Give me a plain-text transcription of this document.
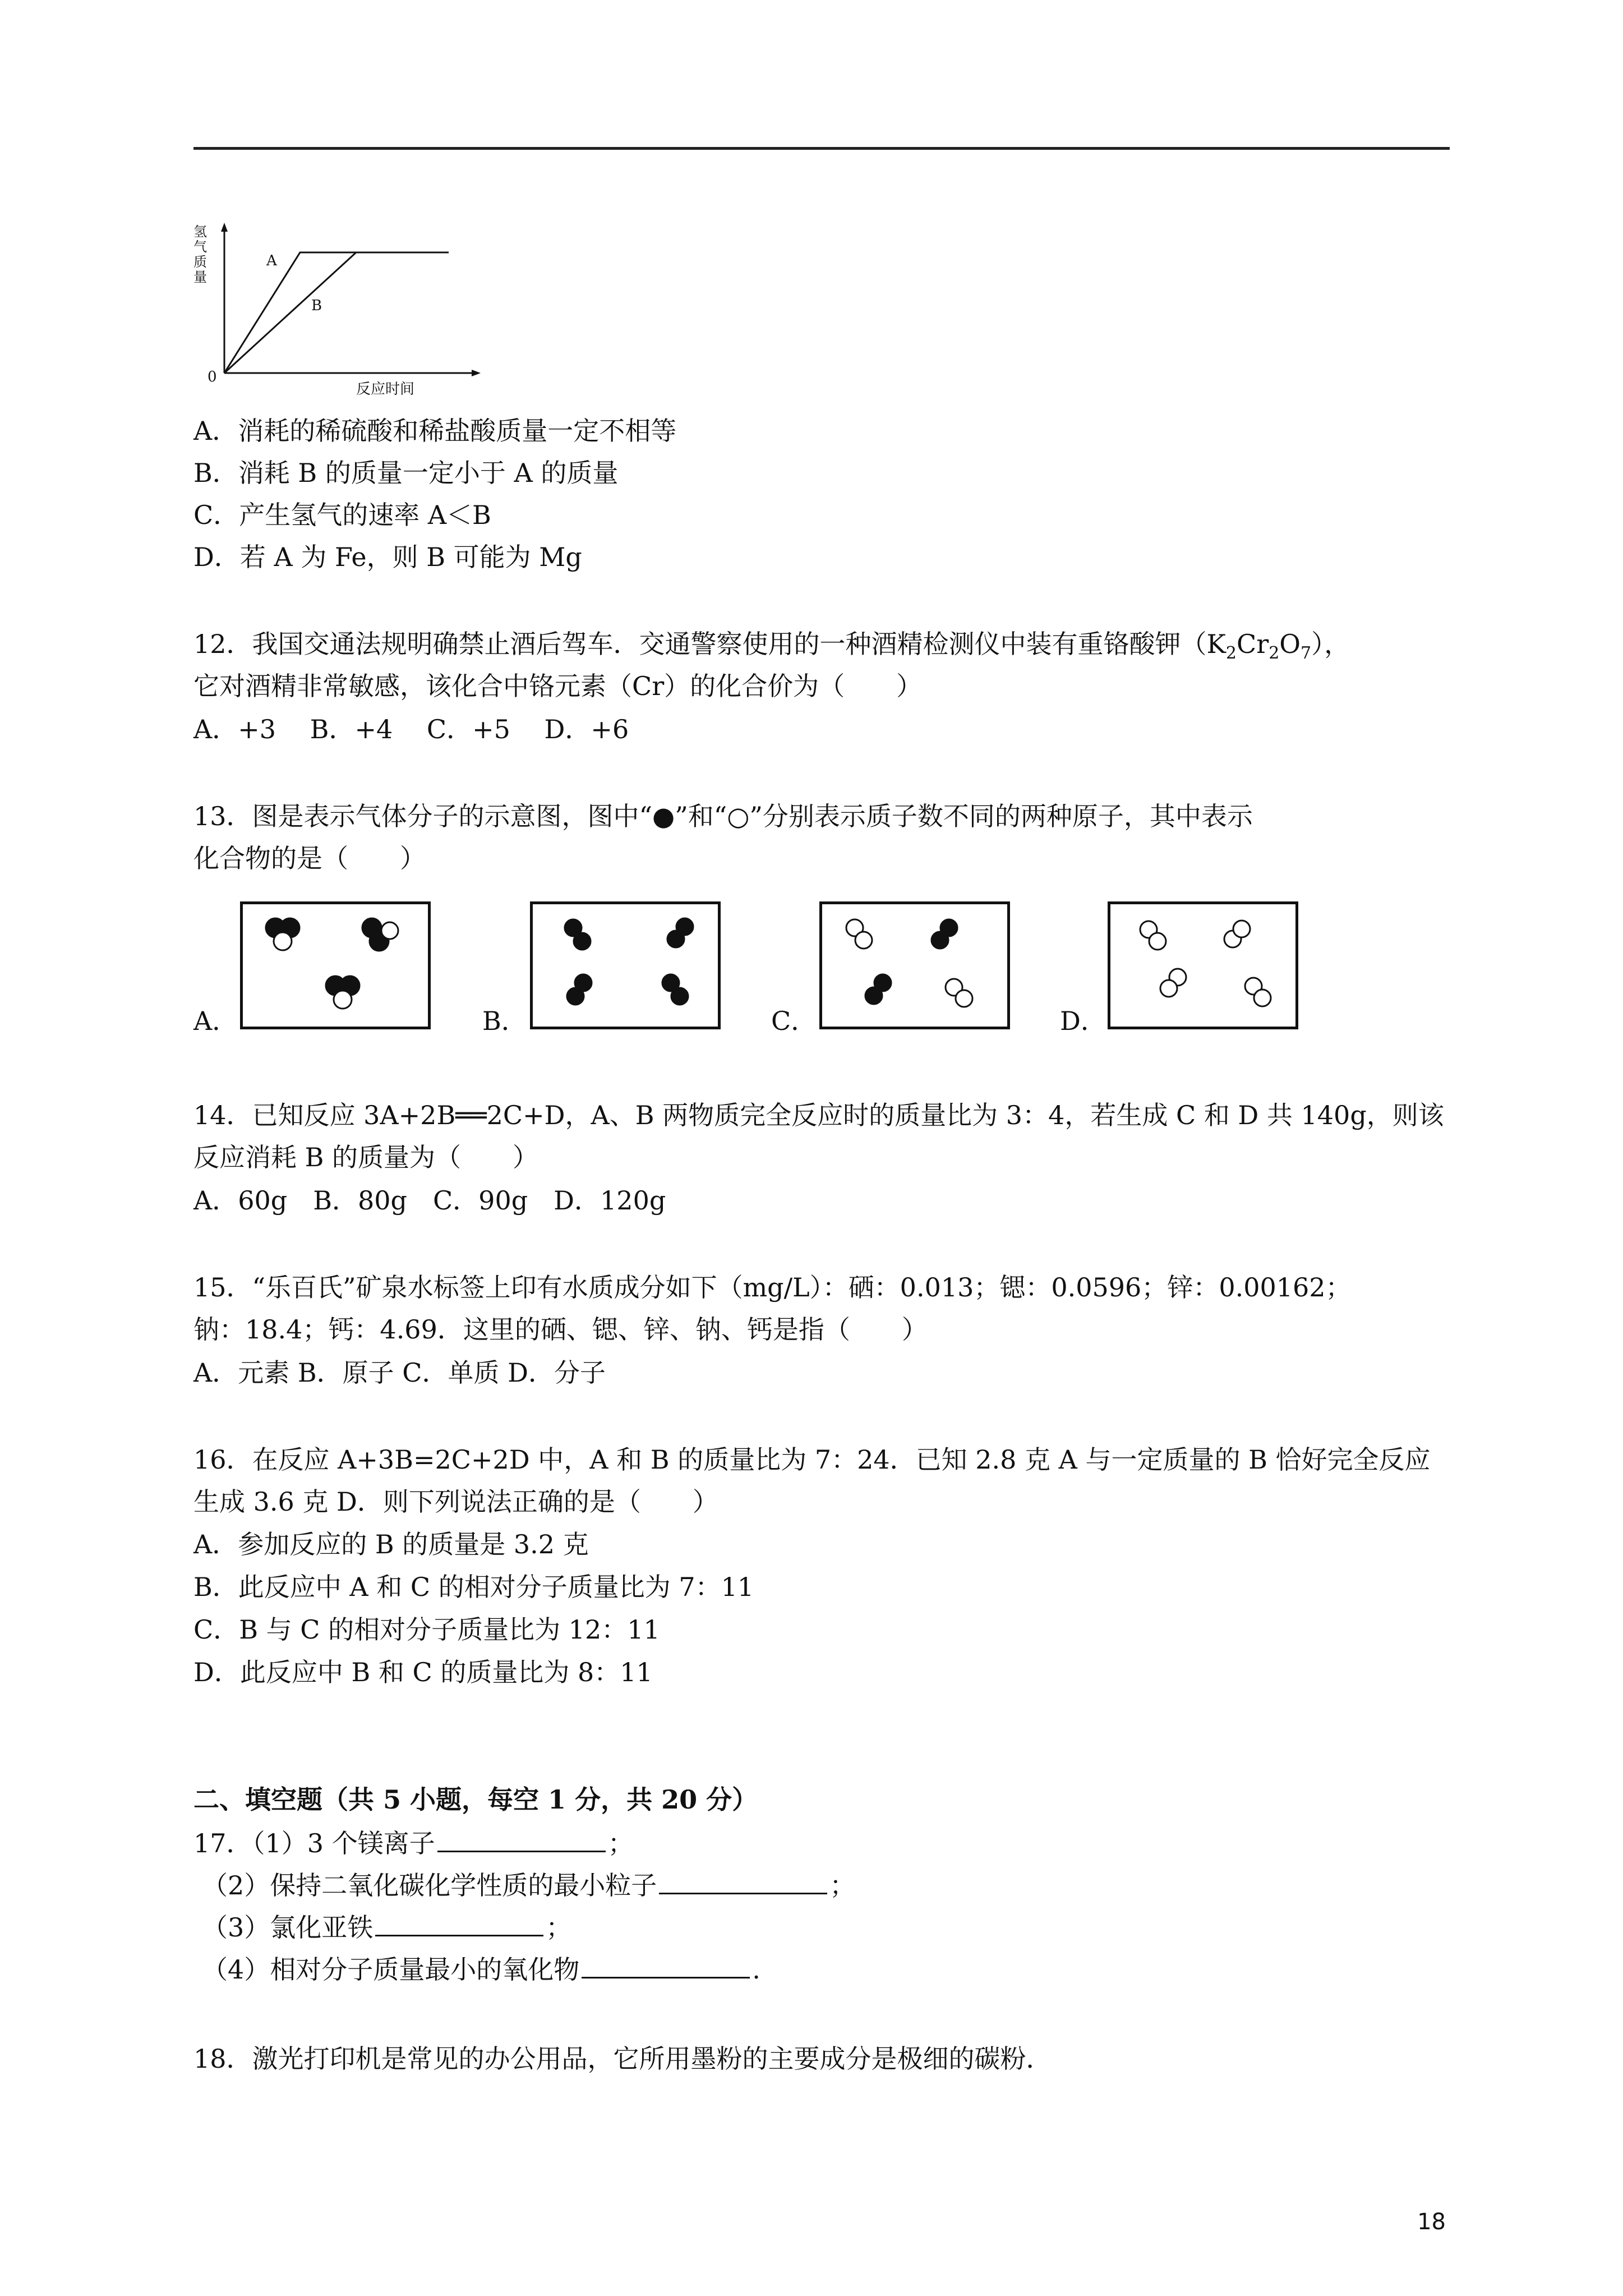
氢
气
质
量
0
A
B
反应时间
A．消耗的稀硫酸和稀盐酸质量一定不相等
B．消耗 B 的质量一定小于 A 的质量
C．产生氢气的速率 A＜B
D．若 A 为 Fe，则 B 可能为 Mg
12．我国交通法规明确禁止酒后驾车．交通警察使用的一种酒精检测仪中装有重铬酸钾$(K_2Cr_2O_7)$，
它对酒精非常敏感，该化合中铬元素（Cr）的化合价为（　　）
A．+3　 B．+4　 C．+5　 D．+6
13．图是表示气体分子的示意图，图中“●”和“○”分别表示质子数不同的两种原子，其中表示
化合物的是（　　）
A．	B．	C．	D．
14．已知反应 3A+2B══2C+D，A、B 两物质完全反应时的质量比为 3：4，若生成 C 和 D 共 140g，则该
反应消耗 B 的质量为（　　）
A．60g　B．80g　C．90g　D．120g
15．“乐百氏”矿泉水标签上印有水质成分如下（mg/L）：硒：0.013；锶：0.0596；锌：0.00162；
钠：18.4；钙：4.69．这里的硒、锶、锌、钠、钙是指（　　）
A．元素 B．原子 C．单质 D．分子
16．在反应 A+3B=2C+2D 中，A 和 B 的质量比为 7：24．已知 2.8 克 A 与一定质量的 B 恰好完全反应
生成 3.6 克 D．则下列说法正确的是（　　）
A．参加反应的 B 的质量是 3.2 克
B．此反应中 A 和 C 的相对分子质量比为 7：11
C．B 与 C 的相对分子质量比为 12：11
D．此反应中 B 和 C 的质量比为 8：11
二、填空题（共 5 小题，每空 1 分，共 20 分）
17．（1）3 个镁离子	；
（2）保持二氧化碳化学性质的最小粒子	；
（3）氯化亚铁	；
（4）相对分子质量最小的氧化物	.
18．激光打印机是常见的办公用品，它所用墨粉的主要成分是极细的碳粉．
18
